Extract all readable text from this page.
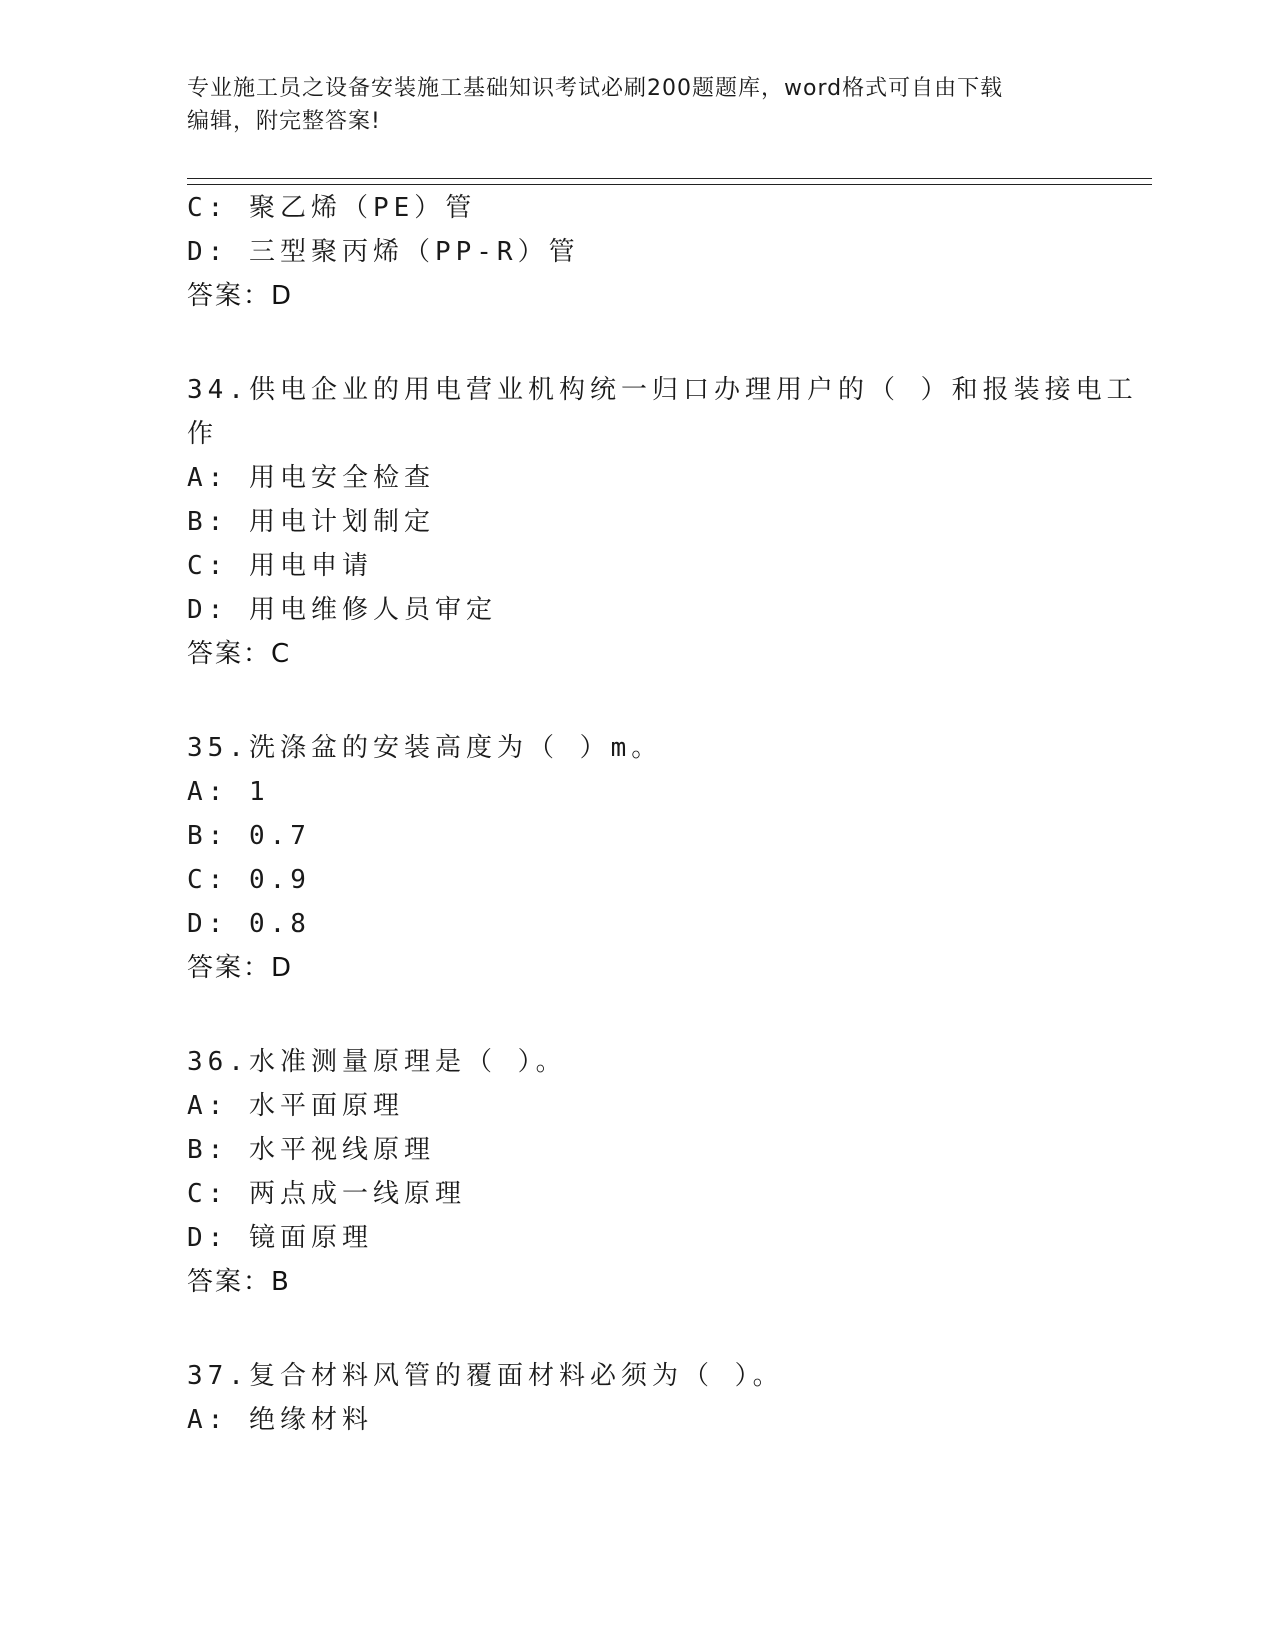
专业施工员之设备安装施工基础知识考试必刷200题题库，word格式可自由下载
编辑，附完整答案!
C: 聚乙烯（PE）管
D: 三型聚丙烯（PP-R）管
答案：D
34.供电企业的用电营业机构统一归口办理用户的（ ）和报装接电工
作
A: 用电安全检查
B: 用电计划制定
C: 用电申请
D: 用电维修人员审定
答案：C
35.洗涤盆的安装高度为（ ）m。
A: 1
B: 0.7
C: 0.9
D: 0.8
答案：D
36.水准测量原理是（ ）。
A: 水平面原理
B: 水平视线原理
C: 两点成一线原理
D: 镜面原理
答案：B
37.复合材料风管的覆面材料必须为（ ）。
A: 绝缘材料
